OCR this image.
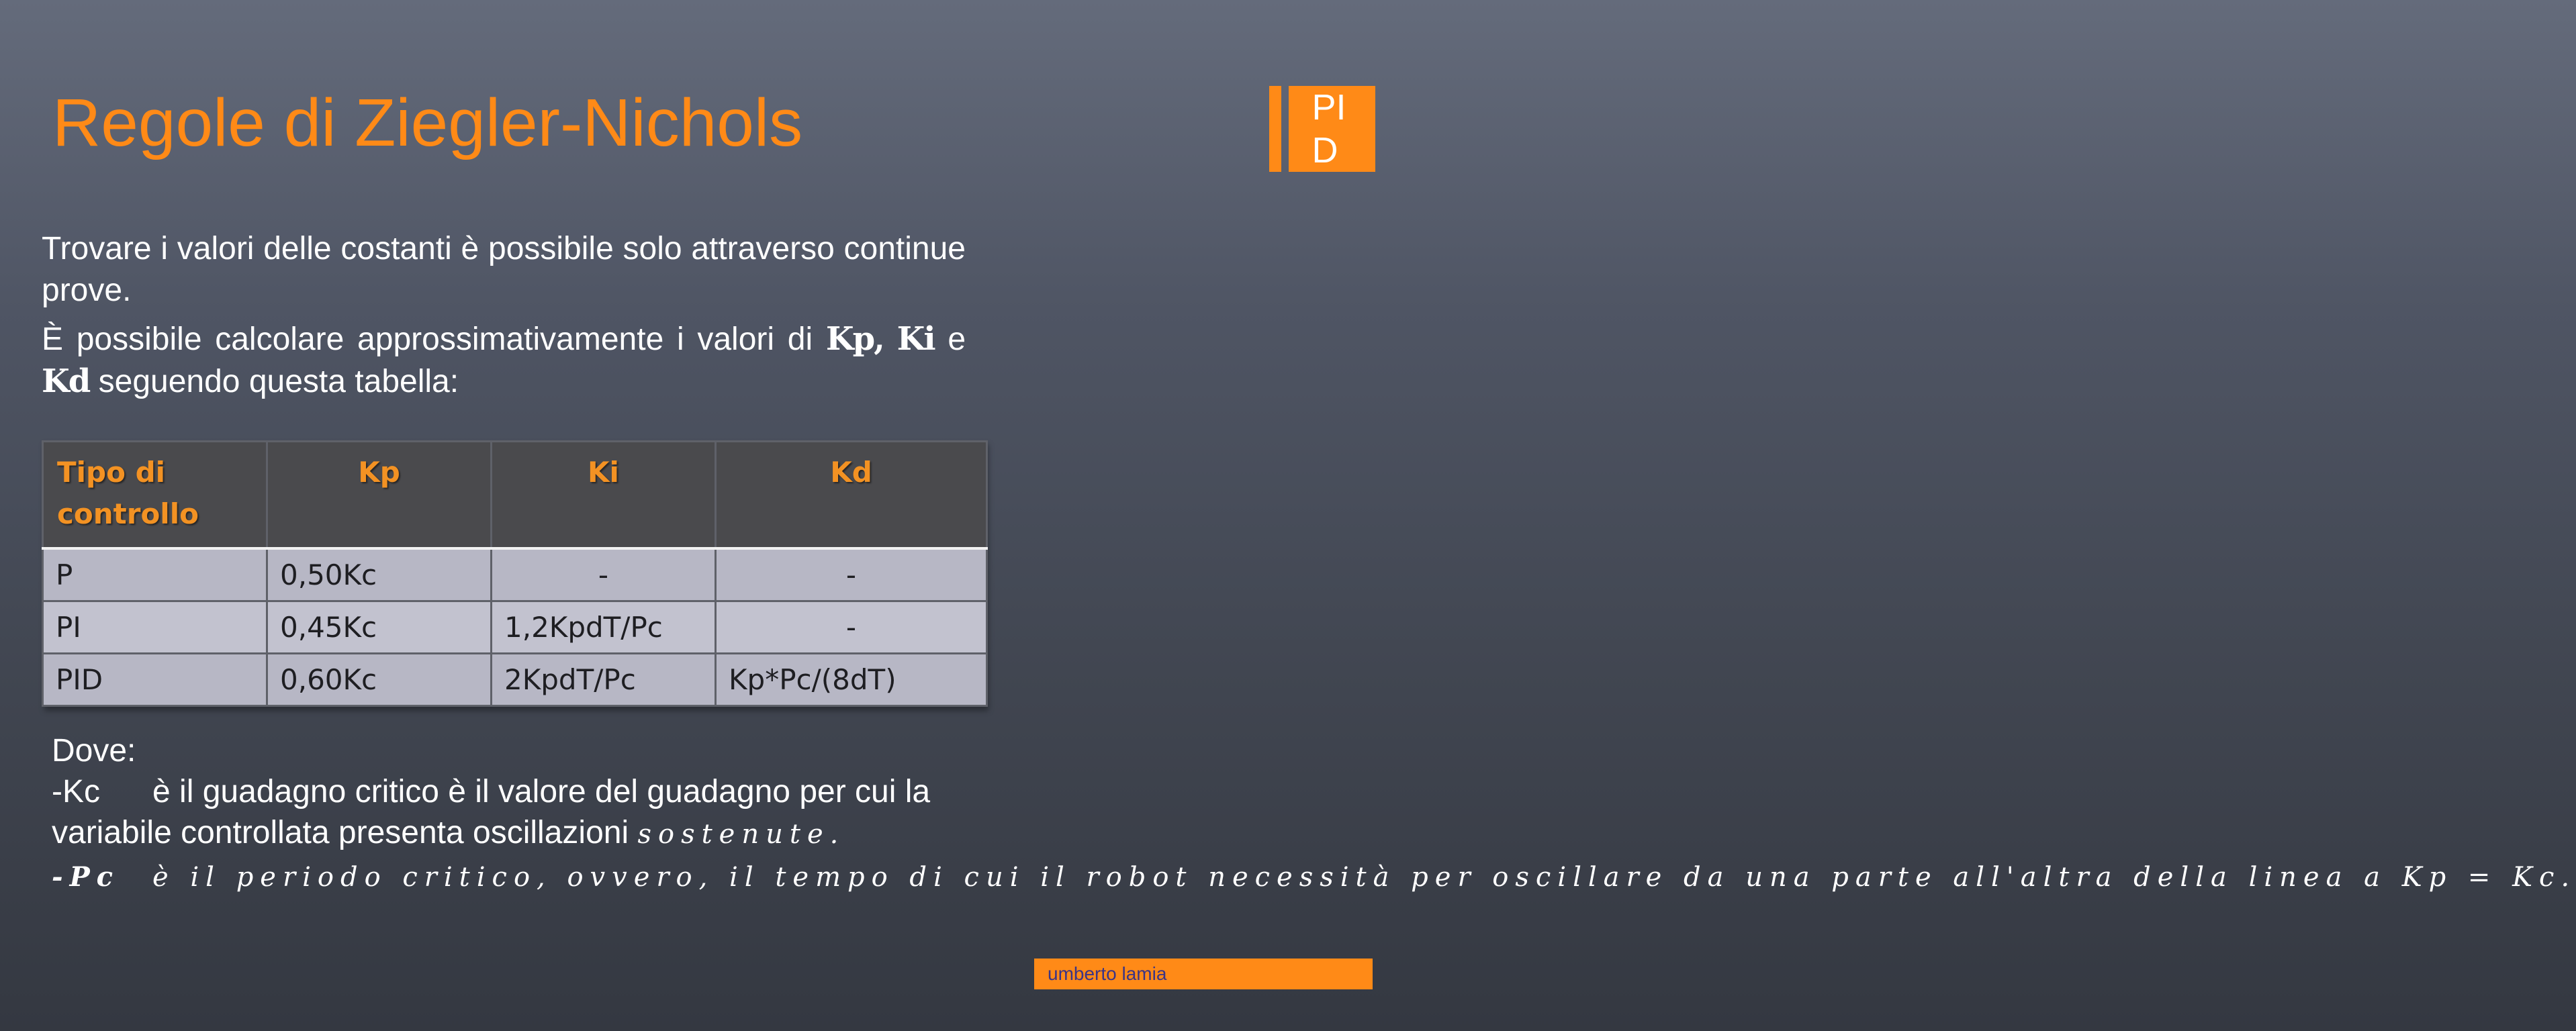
Regole di Ziegler-Nichols	PID

Trovare i valori delle costanti è possibile solo attraverso continue prove.

È possibile calcolare approssimativamente i valori di Kp, Ki e Kd seguendo questa tabella:

Tipo di controllo	Kp	Ki	Kd
P	0,50Kc	-	-
PI	0,45Kc	1,2KpdT/Pc	-
PID	0,60Kc	2KpdT/Pc	Kp*Pc/(8dT)
Dove:
-Kc è il guadagno critico è il valore del guadagno per cui la
variabile controllata presenta oscillazioni sostenute.
-Pc è il periodo critico, ovvero, il tempo di cui il robot necessità per oscillare da una parte all'altra della linea a Kp = Kc.
umberto lamia
